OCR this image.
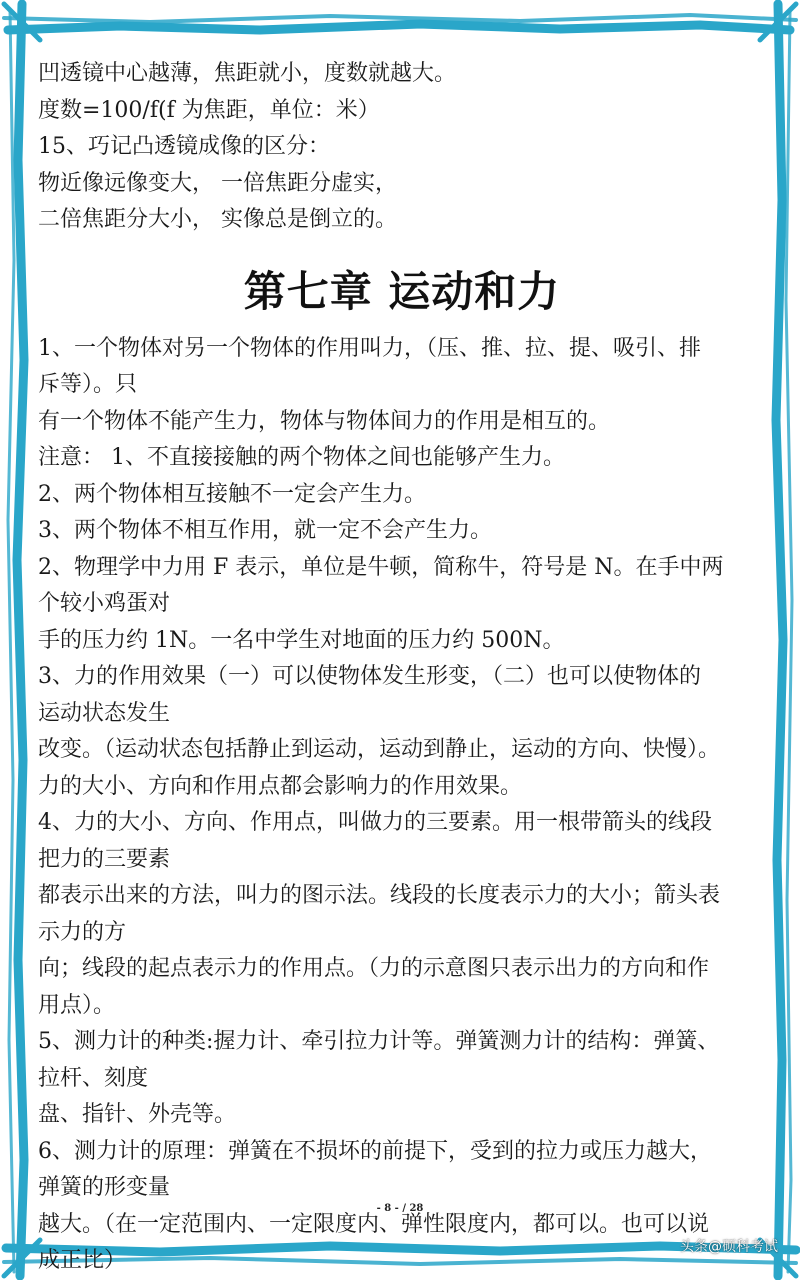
凹透镜中心越薄，焦距就小，度数就越大。
度数=100/f(f 为焦距，单位：米）
15、巧记凸透镜成像的区分：
物近像远像变大， 一倍焦距分虚实，
二倍焦距分大小， 实像总是倒立的。
第七章 运动和力
1、一个物体对另一个物体的作用叫力，（压、推、拉、提、吸引、排
斥等）。只
有一个物体不能产生力，物体与物体间力的作用是相互的。
注意： 1、不直接接触的两个物体之间也能够产生力。
2、两个物体相互接触不一定会产生力。
3、两个物体不相互作用，就一定不会产生力。
2、物理学中力用 F 表示，单位是牛顿，简称牛，符号是 N。在手中两
个较小鸡蛋对
手的压力约 1N。一名中学生对地面的压力约 500N。
3、力的作用效果（一）可以使物体发生形变，（二）也可以使物体的
运动状态发生
改变。（运动状态包括静止到运动，运动到静止，运动的方向、快慢）。
力的大小、方向和作用点都会影响力的作用效果。
4、力的大小、方向、作用点，叫做力的三要素。用一根带箭头的线段
把力的三要素
都表示出来的方法，叫力的图示法。线段的长度表示力的大小；箭头表
示力的方
向；线段的起点表示力的作用点。（力的示意图只表示出力的方向和作
用点）。
5、测力计的种类:握力计、牵引拉力计等。弹簧测力计的结构：弹簧、
拉杆、刻度
盘、指针、外壳等。
6、测力计的原理：弹簧在不损坏的前提下，受到的拉力或压力越大，
弹簧的形变量
越大。（在一定范围内、一定限度内、弹性限度内，都可以。也可以说
成正比）
- 8 - / 28
头条@硕科考试
